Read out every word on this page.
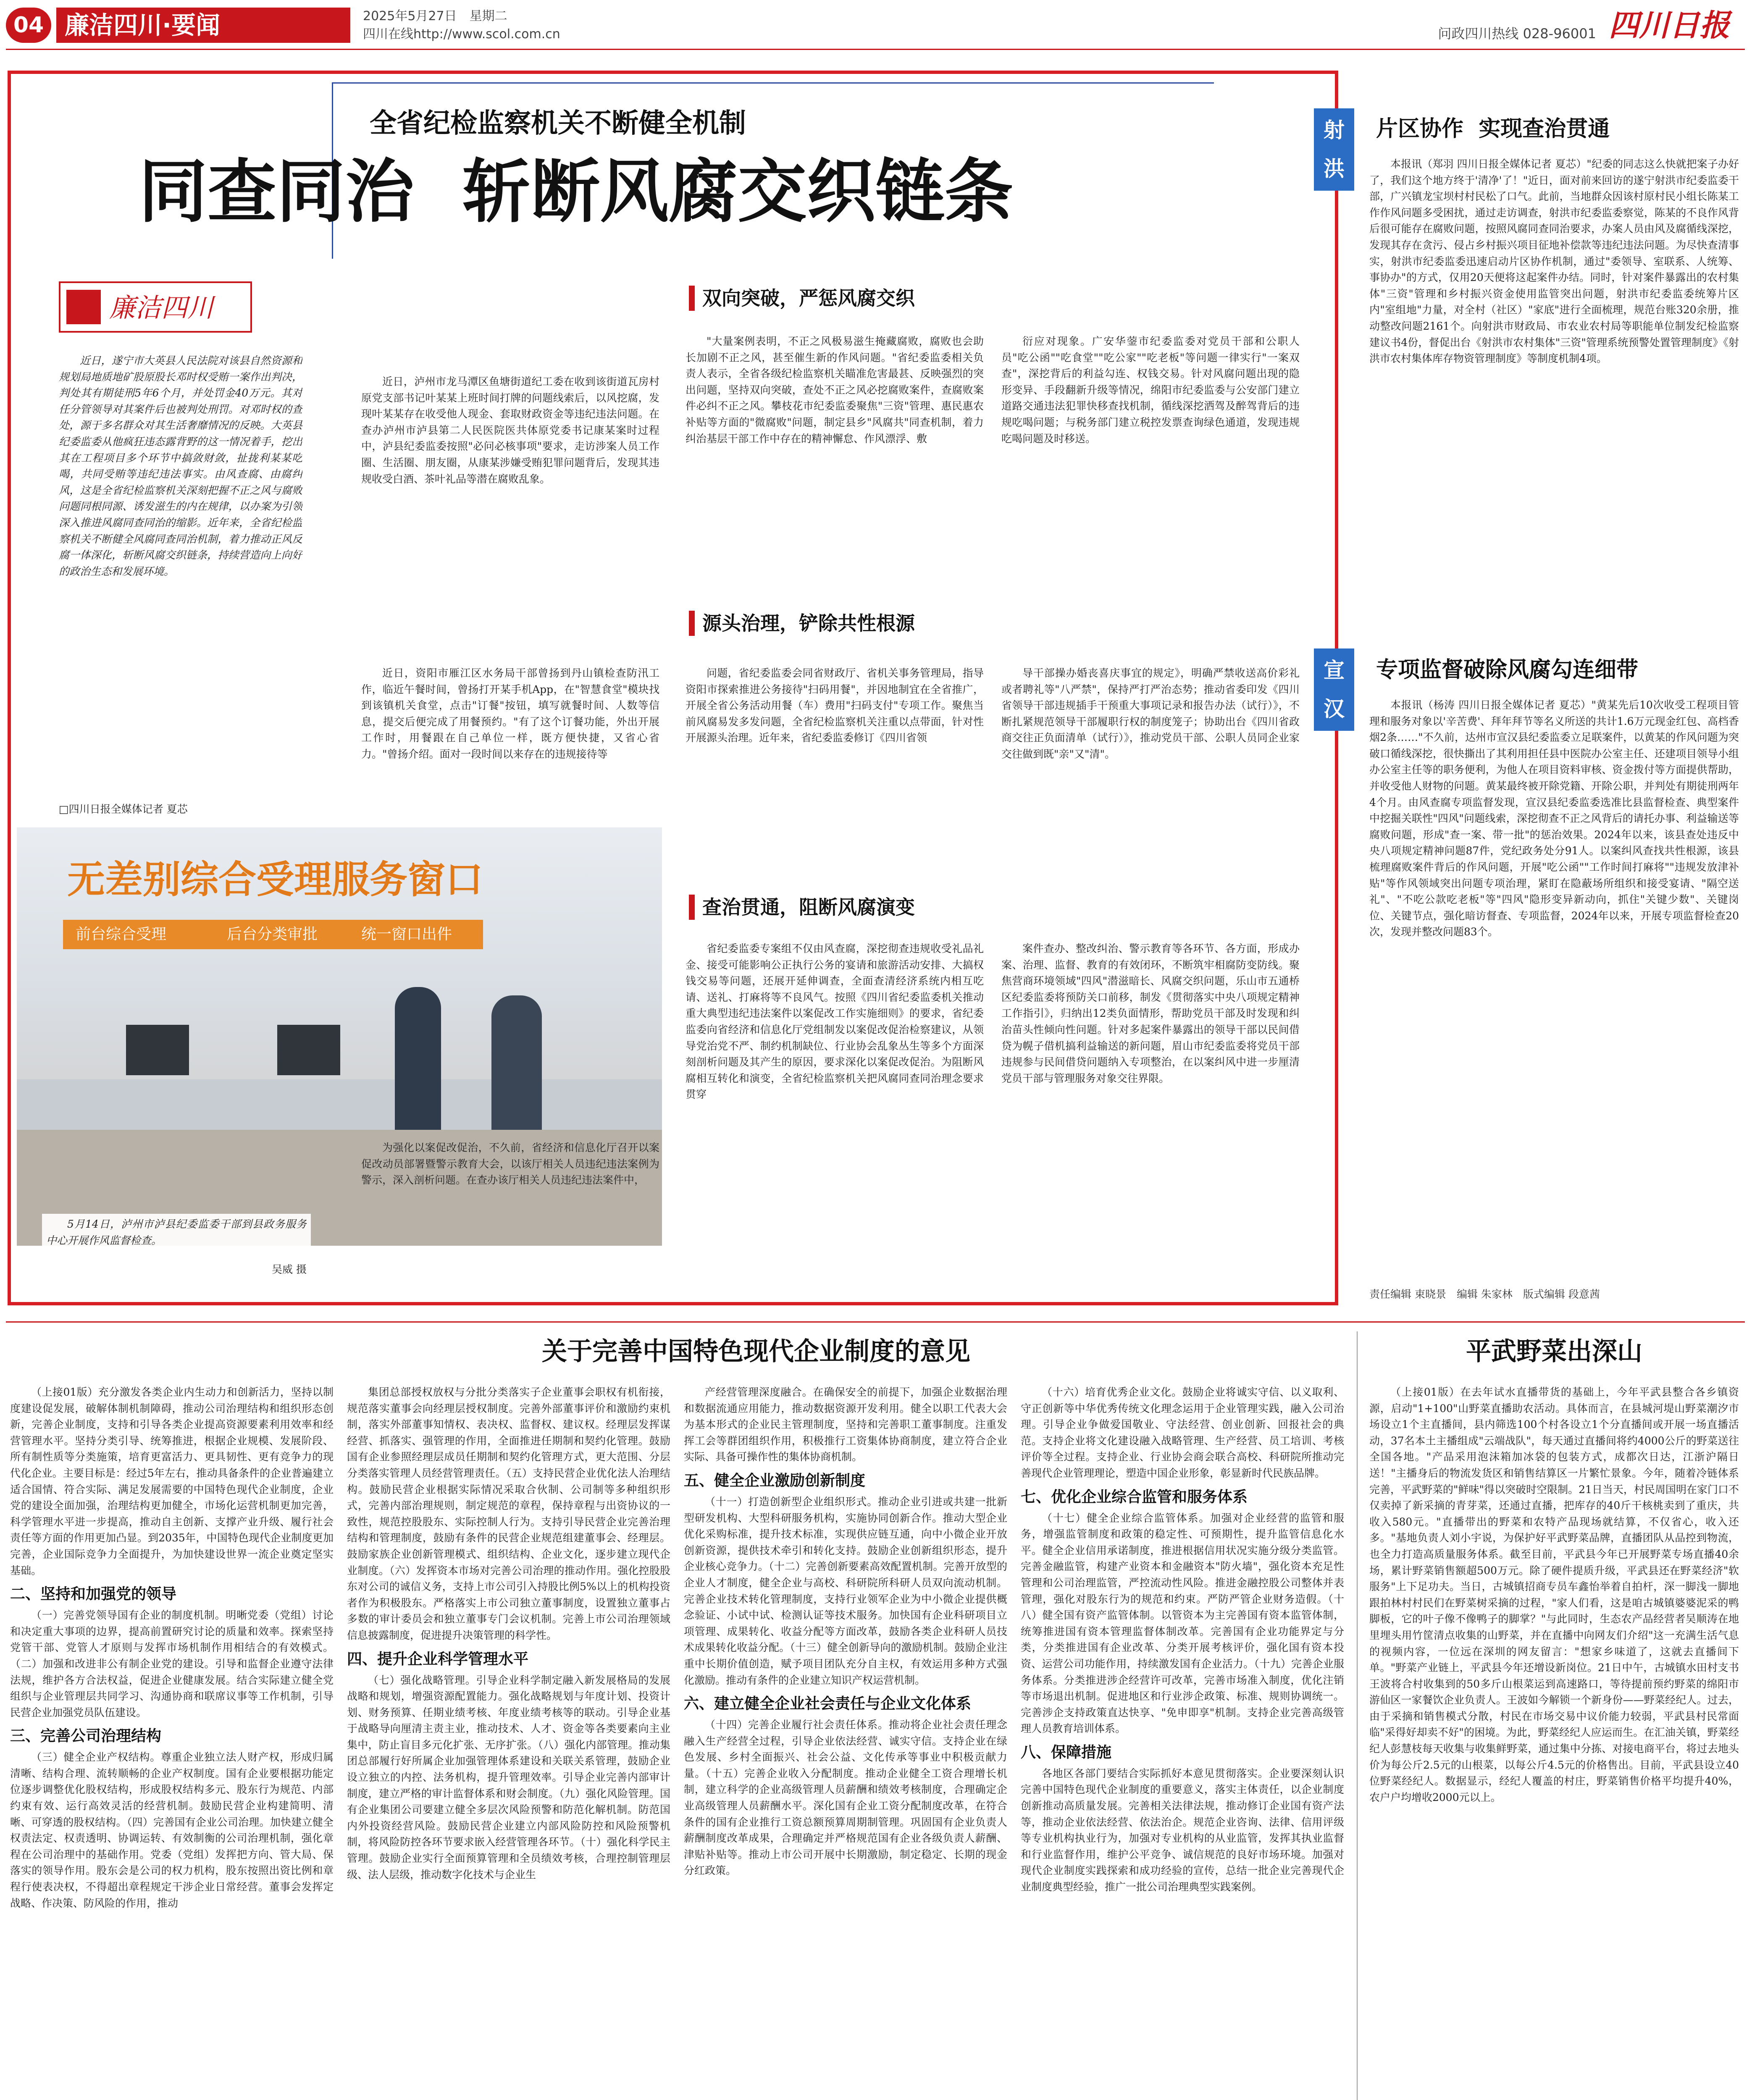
04 廉洁四川·要闻	2025年5月27日　星期二
四川在线http://www.scol.com.cn	问政四川热线 028-96001 四川日报
全省纪检监察机关不断健全机制
同查同治  斩断风腐交织链条
廉洁四川
近日，遂宁市大英县人民法院对该县自然资源和规划局地质地矿股原股长邓时权受贿一案作出判决，判处其有期徒刑5年6个月，并处罚金40万元。其对任分管领导对其案件后也被判处刑罚。对邓时权的查处，源于多名群众对其生活奢靡情况的反映。大英县纪委监委从他疯狂违态露背野的这一情况着手，挖出其在工程项目多个环节中搞敛财敛，扯拢利某某吃喝，共同受贿等违纪违法事实。由风查腐、由腐纠风，这是全省纪检监察机关深刻把握不正之风与腐败问题同根同源、诱发滋生的内在规律，以办案为引领深入推进风腐同查同治的缩影。近年来，全省纪检监察机关不断健全风腐同查同治机制，着力推动正风反腐一体深化，斩断风腐交织链条，持续营造向上向好的政治生态和发展环境。
□四川日报全媒体记者 夏芯
无差别综合受理服务窗口
前台综合受理	后台分类审批	统一窗口出件
5月14日，泸州市泸县纪委监委干部到县政务服务中心开展作风监督检查。
吴威 摄
近日，泸州市龙马潭区鱼塘街道纪工委在收到该街道瓦房村原党支部书记叶某某上班时间打牌的问题线索后，以风挖腐，发现叶某某存在收受他人现金、套取财政资金等违纪违法问题。在查办泸州市泸县第二人民医院医共体原党委书记康某案时过程中，泸县纪委监委按照"必问必核事项"要求，走访涉案人员工作圈、生活圈、朋友圈，从康某涉嫌受贿犯罪问题背后，发现其违规收受白酒、茶叶礼品等潜在腐败乱象。
近日，资阳市雁江区水务局干部曾扬到丹山镇检查防汛工作，临近午餐时间，曾扬打开某手机App，在"智慧食堂"模块找到该镇机关食堂，点击"订餐"按钮，填写就餐时间、人数等信息，提交后便完成了用餐预约。"有了这个订餐功能，外出开展工作时，用餐跟在自己单位一样，既方便快捷，又省心省力。"曾扬介绍。面对一段时间以来存在的违规接待等
为强化以案促改促治，不久前，省经济和信息化厅召开以案促改动员部署暨警示教育大会，以该厅相关人员违纪违法案例为警示，深入剖析问题。在查办该厅相关人员违纪违法案件中，
双向突破，严惩风腐交织
"大量案例表明，不正之风极易滋生掩藏腐败，腐败也会助长加剧不正之风，甚至催生新的作风问题。"省纪委监委相关负责人表示，全省各级纪检监察机关瞄准危害最甚、反映强烈的突出问题，坚持双向突破，查处不正之风必挖腐败案件，查腐败案件必纠不正之风。攀枝花市纪委监委聚焦"三资"管理、惠民惠农补贴等方面的"微腐败"问题，制定县乡"风腐共"同查机制，着力纠治基层干部工作中存在的精神懈怠、作风漂浮、敷
衍应对现象。广安华蓥市纪委监委对党员干部和公职人员"吃公函""吃食堂""吃公家""吃老板"等问题一律实行"一案双查"，深挖背后的利益勾连、权钱交易。针对风腐问题出现的隐形变异、手段翻新升级等情况，绵阳市纪委监委与公安部门建立道路交通违法犯罪快移查找机制，循线深挖洒驾及醉驾背后的违规吃喝问题；与税务部门建立税控发票查询绿色通道，发现违规吃喝问题及时移送。
源头治理，铲除共性根源
问题，省纪委监委会同省财政厅、省机关事务管理局，指导资阳市探索推进公务接待"扫码用餐"，并因地制宜在全省推广，开展全省公务活动用餐（车）费用"扫码支付"专项工作。聚焦当前风腐易发多发问题，全省纪检监察机关注重以点带面，针对性开展源头治理。近年来，省纪委监委修订《四川省领
导干部操办婚丧喜庆事宜的规定》，明确严禁收送高价彩礼或者聘礼等"八严禁"，保持严打严治态势；推动省委印发《四川省领导干部违规插手干预重大事项记录和报告办法（试行）》，不断扎紧规范领导干部履职行权的制度笼子；协助出台《四川省政商交往正负面清单（试行）》，推动党员干部、公职人员同企业家交往做到既"亲"又"清"。
查治贯通，阻断风腐演变
省纪委监委专案组不仅由风查腐，深挖彻查违规收受礼品礼金、接受可能影响公正执行公务的宴请和旅游活动安排、大搞权钱交易等问题，还展开延伸调查，全面查清经济系统内相互吃请、送礼、打麻将等不良风气。按照《四川省纪委监委机关推动重大典型违纪违法案件以案促改工作实施细则》的要求，省纪委监委向省经济和信息化厅党组制发以案促改促治检察建议，从领导党治党不严、制约机制缺位、行业协会乱象丛生等多个方面深刻剖析问题及其产生的原因，要求深化以案促改促治。为阻断风腐相互转化和演变，全省纪检监察机关把风腐同查同治理念要求贯穿
案件查办、整改纠治、警示教育等各环节、各方面，形成办案、治理、监督、教育的有效闭环，不断筑牢相腐防变防线。聚焦营商环境领域"四风"潜滋暗长、风腐交织问题，乐山市五通桥区纪委监委将预防关口前移，制发《贯彻落实中央八项规定精神工作指引》，归纳出12类负面情形，帮助党员干部及时发现和纠治苗头性倾向性问题。针对多起案件暴露出的领导干部以民间借贷为幌子借机搞利益输送的新问题，眉山市纪委监委将党员干部违规参与民间借贷问题纳入专项整治，在以案纠风中进一步厘清党员干部与管理服务对象交往界限。
射
洪
片区协作  实现查治贯通
本报讯（郑羽 四川日报全媒体记者 夏芯）"纪委的同志这么快就把案子办好了，我们这个地方终于'清净'了！"近日，面对前来回访的遂宁射洪市纪委监委干部，广兴镇龙宝坝村村民松了口气。此前，当地群众因该村原村民小组长陈某工作作风问题多受困扰，通过走访调查，射洪市纪委监委察觉，陈某的不良作风背后很可能存在腐败问题，按照风腐同查同治要求，办案人员由风及腐循线深挖，发现其存在贪污、侵占乡村振兴项目征地补偿款等违纪违法问题。为尽快查清事实，射洪市纪委监委迅速启动片区协作机制，通过"委领导、室联系、人统筹、事协办"的方式，仅用20天便将这起案件办结。同时，针对案件暴露出的农村集体"三资"管理和乡村振兴资金使用监管突出问题，射洪市纪委监委统筹片区内"室组地"力量，对全村（社区）"家底"进行全面梳理，规范台账320余册，推动整改问题2161个。向射洪市财政局、市农业农村局等职能单位制发纪检监察建议书4份，督促出台《射洪市农村集体"三资"管理系统预警处置管理制度》《射洪市农村集体库存物资管理制度》等制度机制4项。
宣
汉
专项监督破除风腐勾连细带
本报讯（杨涛 四川日报全媒体记者 夏芯）"黄某先后10次收受工程项目管理和服务对象以'辛苦费'、拜年拜节等名义所送的共计1.6万元现金红包、高档香烟2条……"不久前，达州市宣汉县纪委监委立足联案件，以黄某的作风问题为突破口循线深挖，很快撕出了其利用担任县中医院办公室主任、还建项目领导小组办公室主任等的职务便利，为他人在项目资料审核、资金拨付等方面提供帮助，并收受他人财物的问题。黄某最终被开除党籍、开除公职，并判处有期徒刑两年4个月。由风查腐专项监督发现，宣汉县纪委监委选准比县监督检查、典型案件中挖掘关联性"四风"问题线索，深挖彻查不正之风背后的请托办事、利益输送等腐败问题，形成"查一案、带一批"的惩治效果。2024年以来，该县查处违反中央八项规定精神问题87件，党纪政务处分91人。以案纠风查找共性根源，该县梳理腐败案件背后的作风问题，开展"吃公函""工作时间打麻将""违规发放津补贴"等作风领域突出问题专项治理，紧盯在隐蔽场所组织和接受宴请、"隔空送礼"、"不吃公款吃老板"等"四风"隐形变异新动向，抓住"关键少数"、关键岗位、关键节点，强化暗访督查、专项监督，2024年以来，开展专项监督检查20次，发现并整改问题83个。
责任编辑 束晓景　编辑 朱家林　版式编辑 段意茜
关于完善中国特色现代企业制度的意见
（上接01版）充分激发各类企业内生动力和创新活力，坚持以制度建设促发展，破解体制机制障碍，推动公司治理结构和组织形态创新，完善企业制度，支持和引导各类企业提高资源要素利用效率和经营管理水平。坚持分类引导、统筹推进，根据企业规模、发展阶段、所有制性质等分类施策，培育更富活力、更具韧性、更有竞争力的现代化企业。主要目标是：经过5年左右，推动具备条件的企业普遍建立适合国情、符合实际、满足发展需要的中国特色现代企业制度，企业党的建设全面加强，治理结构更加健全，市场化运营机制更加完善，科学管理水平进一步提高，推动自主创新、支撑产业升级、履行社会责任等方面的作用更加凸显。到2035年，中国特色现代企业制度更加完善，企业国际竞争力全面提升，为加快建设世界一流企业奠定坚实基础。
二、坚持和加强党的领导
（一）完善党领导国有企业的制度机制。明晰党委（党组）讨论和决定重大事项的边界，提高前置研究讨论的质量和效率。探索坚持党管干部、党管人才原则与发挥市场机制作用相结合的有效模式。（二）加强和改进非公有制企业党的建设。引导和监督企业遵守法律法规，维护各方合法权益，促进企业健康发展。结合实际建立健全党组织与企业管理层共同学习、沟通协商和联席议事等工作机制，引导民营企业加强党员队伍建设。
三、完善公司治理结构
（三）健全企业产权结构。尊重企业独立法人财产权，形成归属清晰、结构合理、流转顺畅的企业产权制度。国有企业要根据功能定位逐步调整优化股权结构，形成股权结构多元、股东行为规范、内部约束有效、运行高效灵活的经营机制。鼓励民营企业构建简明、清晰、可穿透的股权结构。（四）完善国有企业公司治理。加快建立健全权责法定、权责透明、协调运转、有效制衡的公司治理机制，强化章程在公司治理中的基础作用。党委（党组）发挥把方向、管大局、保落实的领导作用。股东会是公司的权力机构，股东按照出资比例和章程行使表决权，不得超出章程规定干涉企业日常经营。董事会发挥定战略、作决策、防风险的作用，推动
集团总部授权放权与分批分类落实子企业董事会职权有机衔接，规范落实董事会向经理层授权制度。完善外部董事评价和激励约束机制，落实外部董事知情权、表决权、监督权、建议权。经理层发挥谋经营、抓落实、强管理的作用，全面推进任期制和契约化管理。鼓励国有企业参照经理层成员任期制和契约化管理方式，更大范围、分层分类落实管理人员经营管理责任。（五）支持民营企业优化法人治理结构。鼓励民营企业根据实际情况采取合伙制、公司制等多种组织形式，完善内部治理规则，制定规范的章程，保持章程与出资协议的一致性，规范控股股东、实际控制人行为。支持引导民营企业完善治理结构和管理制度，鼓励有条件的民营企业规范组建董事会、经理层。鼓励家族企业创新管理模式、组织结构、企业文化，逐步建立现代企业制度。（六）发挥资本市场对完善公司治理的推动作用。强化控股股东对公司的诚信义务，支持上市公司引入持股比例5%以上的机构投资者作为积极股东。严格落实上市公司独立董事制度，设置独立董事占多数的审计委员会和独立董事专门会议机制。完善上市公司治理领域信息披露制度，促进提升决策管理的科学性。
四、提升企业科学管理水平
（七）强化战略管理。引导企业科学制定融入新发展格局的发展战略和规划，增强资源配置能力。强化战略规划与年度计划、投资计划、财务预算、任期业绩考核、年度业绩考核等的联动。引导企业基于战略导向厘清主责主业，推动技术、人才、资金等各类要素向主业集中，防止盲目多元化扩张、无序扩张。（八）强化内部管理。推动集团总部履行好所属企业加强管理体系建设和关联关系管理，鼓励企业设立独立的内控、法务机构，提升管理效率。引导企业完善内部审计制度，建立严格的审计监督体系和财会制度。（九）强化风险管理。国有企业集团公司要建立健全多层次风险预警和防范化解机制。防范国内外投资经营风险。鼓励民营企业建立内部风险防控和风险预警机制，将风险防控各环节要求嵌入经营管理各环节。（十）强化科学民主管理。鼓励企业实行全面预算管理和全员绩效考核，合理控制管理层级、法人层级，推动数字化技术与企业生
产经营管理深度融合。在确保安全的前提下，加强企业数据治理和数据流通应用能力，推动数据资源开发利用。健全以职工代表大会为基本形式的企业民主管理制度，坚持和完善职工董事制度。注重发挥工会等群团组织作用，积极推行工资集体协商制度，建立符合企业实际、具备可操作性的集体协商机制。
五、健全企业激励创新制度
（十一）打造创新型企业组织形式。推动企业引进或共建一批新型研发机构、大型科研服务机构，实施协同创新合作。推动大型企业优化采购标准，提升技术标准，实现供应链互通，向中小微企业开放创新资源，提供技术牵引和转化支持。鼓励企业创新组织形态，提升企业核心竞争力。（十二）完善创新要素高效配置机制。完善开放型的企业人才制度，健全企业与高校、科研院所科研人员双向流动机制。完善企业技术转化管理制度，支持行业领军企业为中小微企业提供概念验证、小试中试、检测认证等技术服务。加快国有企业科研项目立项管理、成果转化、收益分配等方面改革，鼓励各类企业科研人员技术成果转化收益分配。（十三）健全创新导向的激励机制。鼓励企业注重中长期价值创造，赋予项目团队充分自主权，有效运用多种方式强化激励。推动有条件的企业建立知识产权运营机制。
六、建立健全企业社会责任与企业文化体系
（十四）完善企业履行社会责任体系。推动将企业社会责任理念融入生产经营全过程，引导企业依法经营、诚实守信。支持企业在绿色发展、乡村全面振兴、社会公益、文化传承等事业中积极贡献力量。（十五）完善企业收入分配制度。推动企业健全工资合理增长机制，建立科学的企业高级管理人员薪酬和绩效考核制度，合理确定企业高级管理人员薪酬水平。深化国有企业工资分配制度改革，在符合条件的国有企业推行工资总额预算周期制管理。巩固国有企业负责人薪酬制度改革成果，合理确定并严格规范国有企业各级负责人薪酬、津贴补贴等。推动上市公司开展中长期激励，制定稳定、长期的现金分红政策。
（十六）培育优秀企业文化。鼓励企业将诚实守信、以义取利、守正创新等中华优秀传统文化理念运用于企业管理实践，融入公司治理。引导企业争做爱国敬业、守法经营、创业创新、回报社会的典范。支持企业将文化建设融入战略管理、生产经营、员工培训、考核评价等全过程。支持企业、行业协会商会联合高校、科研院所推动完善现代企业管理理论，塑造中国企业形象，彰显新时代民族品牌。
七、优化企业综合监管和服务体系
（十七）健全企业综合监管体系。加强对企业经营的监管和服务，增强监管制度和政策的稳定性、可预期性，提升监管信息化水平。健全企业信用承诺制度，推进根据信用状况实施分级分类监管。完善金融监管，构建产业资本和金融资本"防火墙"，强化资本充足性管理和公司治理监管，严控流动性风险。推进金融控股公司整体并表管理，强化对股东行为的规范和约束。严防严管企业财务造假。（十八）健全国有资产监管体制。以管资本为主完善国有资本监管体制，统筹推进国有资本管理监督体制改革。完善国有企业功能界定与分类，分类推进国有企业改革、分类开展考核评价，强化国有资本投资、运营公司功能作用，持续激发国有企业活力。（十九）完善企业服务体系。分类推进涉企经营许可改革，完善市场准入制度，优化注销等市场退出机制。促进地区和行业涉企政策、标准、规则协调统一。完善涉企支持政策直达快享、"免申即享"机制。支持企业完善高级管理人员教育培训体系。
八、保障措施
各地区各部门要结合实际抓好本意见贯彻落实。企业要深刻认识完善中国特色现代企业制度的重要意义，落实主体责任，以企业制度创新推动高质量发展。完善相关法律法规，推动修订企业国有资产法等，推动企业依法经营、依法治企。规范企业咨询、法律、信用评级等专业机构执业行为，加强对专业机构的从业监管，发挥其执业监督和行业监督作用，维护公平竞争、诚信规范的良好市场环境。加强对现代企业制度实践探索和成功经验的宣传，总结一批企业完善现代企业制度典型经验，推广一批公司治理典型实践案例。
平武野菜出深山
（上接01版）在去年试水直播带货的基础上，今年平武县整合各乡镇资源，启动"1+100"山野菜直播助农活动。具体而言，在县城河堤山野菜潮汐市场设立1个主直播间，县内筛选100个村各设立1个分直播间或开展一场直播活动，37名本土主播组成"云端战队"，每天通过直播间将约4000公斤的野菜送往全国各地。"产品采用泡沫箱加冰袋的包装方式，成都次日达，江浙沪隔日送！"主播身后的物流发货区和销售结算区一片繁忙景象。今年，随着冷链体系完善，平武野菜的"鲜味"得以突破时空限制。21日当天，村民周国明在家门口不仅卖掉了新采摘的青芽菜，还通过直播，把库存的40斤干核桃卖到了重庆，共收入580元。"直播带出的野菜和农特产品现场就结算，不仅省心，收入还多。"基地负责人刘小宇说，为保护好平武野菜品牌，直播团队从品控到物流，也全力打造高质量服务体系。截至目前，平武县今年已开展野菜专场直播40余场，累计野菜销售额超500万元。除了硬件提质升级，平武县还在野菜经济"软服务"上下足功夫。当日，古城镇招商专员车鑫怡举着自拍杆，深一脚浅一脚地跟拍林村村民们在野菜树采摘的过程，"家人们看，这是咱古城镇婆婆泥采的鸭脚板，它的叶子像不像鸭子的脚掌？"与此同时，生态农产品经营者吴顺涛在地里埋头用竹筐清点收集的山野菜，并在直播中向网友们介绍"这一充满生活气息的视频内容，一位远在深圳的网友留言："想家乡味道了，这就去直播间下单。"野菜产业链上，平武县今年还增设新岗位。21日中午，古城镇水田村支书王波将合村收集到的50多斤山根菜运到高速路口，等待提前预约野菜的绵阳市游仙区一家餐饮企业负责人。王波如今解锁一个新身份——野菜经纪人。过去，由于采摘和销售模式分散，村民在市场交易中议价能力较弱，平武县村民常面临"采得好却卖不好"的困境。为此，野菜经纪人应运而生。在汇油关镇，野菜经纪人彭慧枝每天收集与收集鲜野菜，通过集中分拣、对接电商平台，将过去地头价为每公斤2.5元的山根菜，以每公斤4.5元的价格售出。目前，平武县设立40位野菜经纪人。数据显示，经纪人覆盖的村庄，野菜销售价格平均提升40%，农户户均增收2000元以上。
